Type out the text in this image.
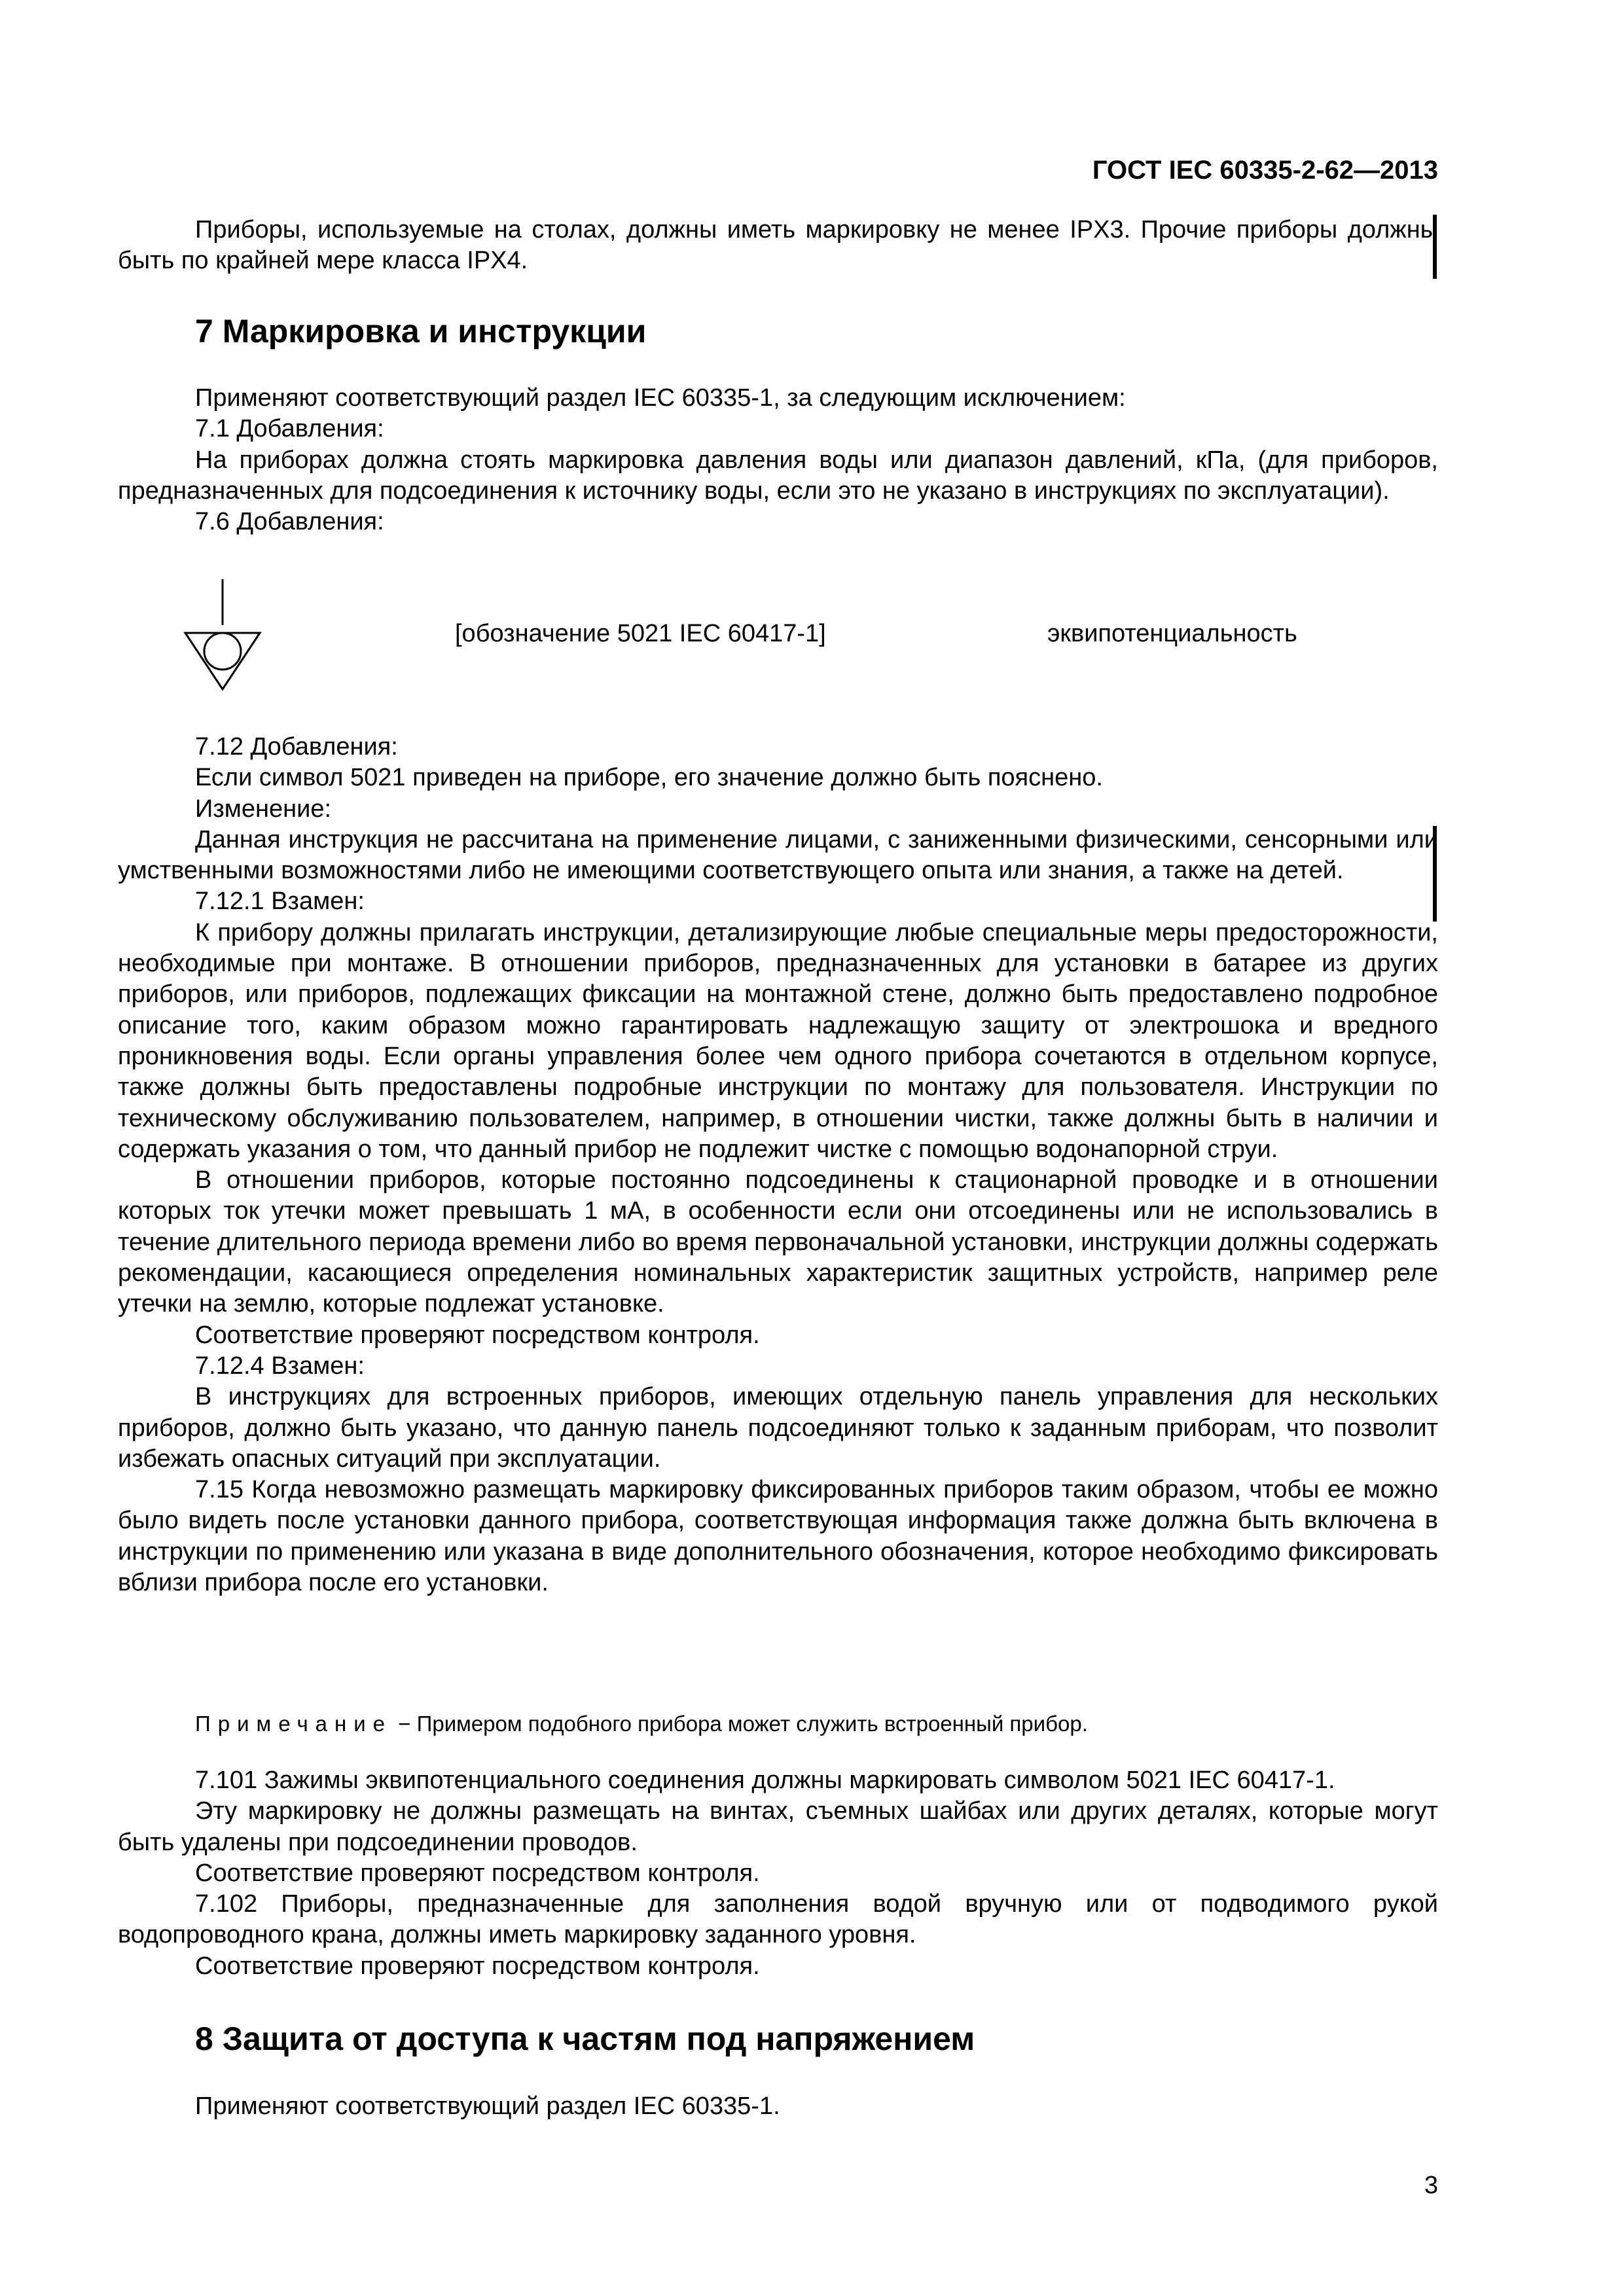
ГОСТ IEC 60335-2-62—2013

Приборы, используемые на столах, должны иметь маркировку не менее IPX3. Прочие приборы должны быть по крайней мере класса IPX4.

7 Маркировка и инструкции

Применяют соответствующий раздел IEC 60335-1, за следующим исключением:

7.1 Добавления:

На приборах должна стоять маркировка давления воды или диапазон давлений, кПа, (для приборов, предназначенных для подсоединения к источнику воды, если это не указано в инструкциях по эксплуатации).

7.6 Добавления:

[обозначение 5021 IEC 60417-1]	эквипотенциальность

7.12 Добавления:

Если символ 5021 приведен на приборе, его значение должно быть пояснено.

Изменение:

Данная инструкция не рассчитана на применение лицами, с заниженными физическими, сенсорными или умственными возможностями либо не имеющими соответствующего опыта или знания, а также на детей.

7.12.1 Взамен:

К прибору должны прилагать инструкции, детализирующие любые специальные меры предосторожности, необходимые при монтаже. В отношении приборов, предназначенных для установки в батарее из других приборов, или приборов, подлежащих фиксации на монтажной стене, должно быть предоставлено подробное описание того, каким образом можно гарантировать надлежащую защиту от электрошока и вредного проникновения воды. Если органы управления более чем одного прибора сочетаются в отдельном корпусе, также должны быть предоставлены подробные инструкции по монтажу для пользователя. Инструкции по техническому обслуживанию пользователем, например, в отношении чистки, также должны быть в наличии и содержать указания о том, что данный прибор не подлежит чистке с помощью водонапорной струи.

В отношении приборов, которые постоянно подсоединены к стационарной проводке и в отношении которых ток утечки может превышать 1 мА, в особенности если они отсоединены или не использовались в течение длительного периода времени либо во время первоначальной установки, инструкции должны содержать рекомендации, касающиеся определения номинальных характеристик защитных устройств, например реле утечки на землю, которые подлежат установке.

Соответствие проверяют посредством контроля.

7.12.4 Взамен:

В инструкциях для встроенных приборов, имеющих отдельную панель управления для нескольких приборов, должно быть указано, что данную панель подсоединяют только к заданным приборам, что позволит избежать опасных ситуаций при эксплуатации.

7.15 Когда невозможно размещать маркировку фиксированных приборов таким образом, чтобы ее можно было видеть после установки данного прибора, соответствующая информация также должна быть включена в инструкции по применению или указана в виде дополнительного обозначения, которое необходимо фиксировать вблизи прибора после его установки.

Примечание − Примером подобного прибора может служить встроенный прибор.

7.101 Зажимы эквипотенциального соединения должны маркировать символом 5021 IEC 60417-1.

Эту маркировку не должны размещать на винтах, съемных шайбах или других деталях, которые могут быть удалены при подсоединении проводов.

Соответствие проверяют посредством контроля.

7.102 Приборы, предназначенные для заполнения водой вручную или от подводимого рукой водопроводного крана, должны иметь маркировку заданного уровня.

Соответствие проверяют посредством контроля.

8 Защита от доступа к частям под напряжением

Применяют соответствующий раздел IEC 60335-1.

3
